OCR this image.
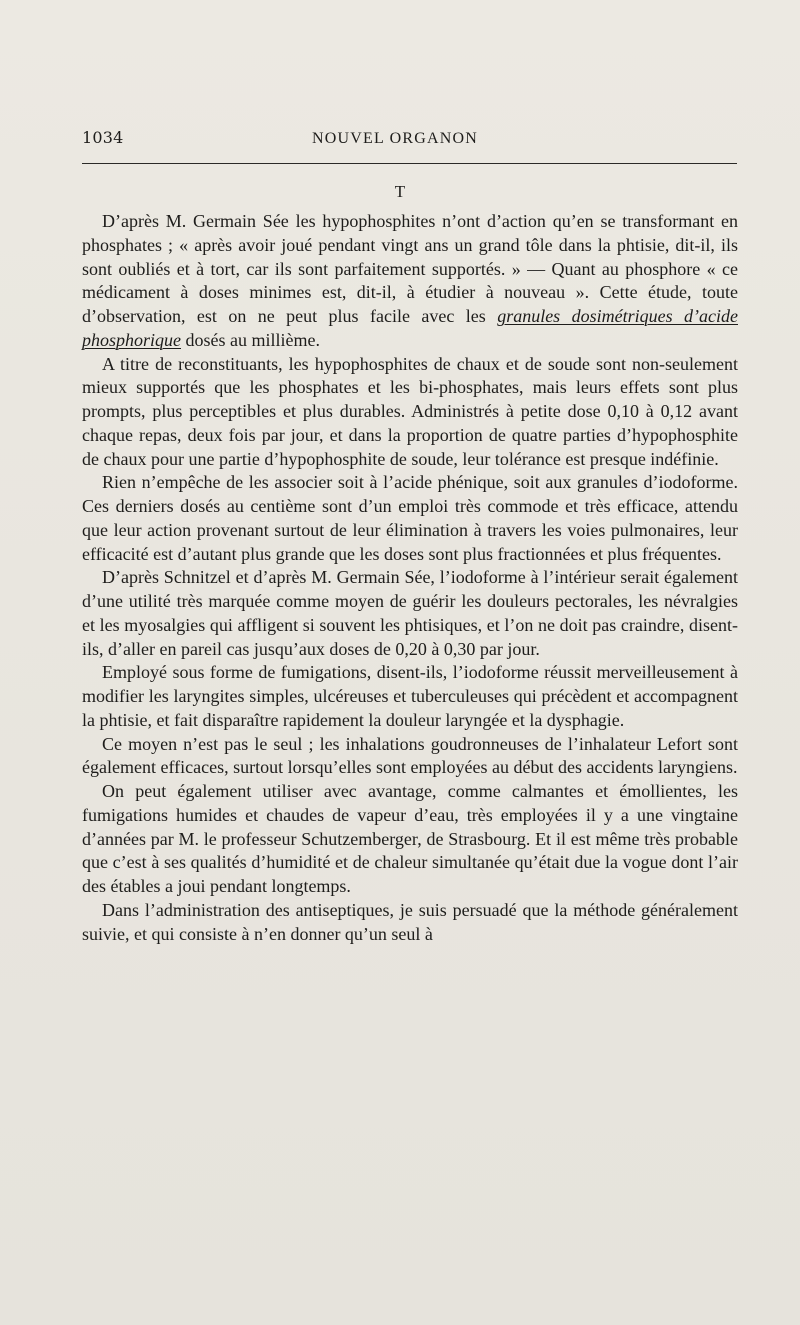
1034	NOUVEL ORGANON
T

D’après M. Germain Sée les hypophosphites n’ont d’action qu’en se transformant en phosphates ; « après avoir joué pendant vingt ans un grand tôle dans la phtisie, dit-il, ils sont oubliés et à tort, car ils sont parfaitement supportés. » — Quant au phosphore « ce médicament à doses minimes est, dit-il, à étudier à nouveau ». Cette étude, toute d’observation, est on ne peut plus facile avec les granules dosimétriques d’acide phosphorique dosés au millième.

A titre de reconstituants, les hypophosphites de chaux et de soude sont non-seulement mieux supportés que les phosphates et les bi-phosphates, mais leurs effets sont plus prompts, plus perceptibles et plus durables. Administrés à petite dose 0,10 à 0,12 avant chaque repas, deux fois par jour, et dans la proportion de quatre parties d’hypophosphite de chaux pour une partie d’hypophosphite de soude, leur tolérance est presque indéfinie.

Rien n’empêche de les associer soit à l’acide phénique, soit aux granules d’iodoforme. Ces derniers dosés au centième sont d’un emploi très commode et très efficace, attendu que leur action provenant surtout de leur élimination à travers les voies pulmonaires, leur efficacité est d’autant plus grande que les doses sont plus fractionnées et plus fréquentes.

D’après Schnitzel et d’après M. Germain Sée, l’iodoforme à l’intérieur serait également d’une utilité très marquée comme moyen de guérir les douleurs pectorales, les névralgies et les myosalgies qui affligent si souvent les phtisiques, et l’on ne doit pas craindre, disent-ils, d’aller en pareil cas jusqu’aux doses de 0,20 à 0,30 par jour.

Employé sous forme de fumigations, disent-ils, l’iodoforme réussit merveilleusement à modifier les laryngites simples, ulcéreuses et tuberculeuses qui précèdent et accompagnent la phtisie, et fait disparaître rapidement la douleur laryngée et la dysphagie.

Ce moyen n’est pas le seul ; les inhalations goudronneuses de l’inhalateur Lefort sont également efficaces, surtout lorsqu’elles sont employées au début des accidents laryngiens.

On peut également utiliser avec avantage, comme calmantes et émollientes, les fumigations humides et chaudes de vapeur d’eau, très employées il y a une vingtaine d’années par M. le professeur Schutzemberger, de Strasbourg. Et il est même très probable que c’est à ses qualités d’humidité et de chaleur simultanée qu’était due la vogue dont l’air des étables a joui pendant longtemps.

Dans l’administration des antiseptiques, je suis persuadé que la méthode généralement suivie, et qui consiste à n’en donner qu’un seul à
